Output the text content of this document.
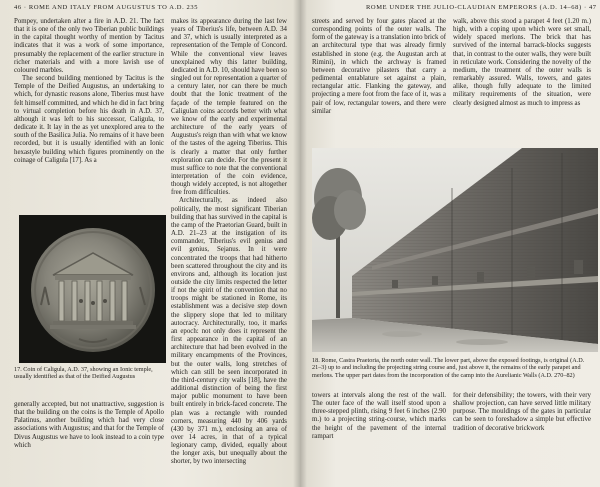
46 · ROME AND ITALY FROM AUGUSTUS TO A.D. 235

Pompey, undertaken after a fire in A.D. 21. The fact that it is one of the only two Tiberian public buildings in the capital thought worthy of mention by Tacitus indicates that it was a work of some importance, presumably the replacement of the earlier structure in richer materials and with a more lavish use of coloured marbles.

The second building mentioned by Tacitus is the Temple of the Deified Augustus, an undertaking to which, for dynastic reasons alone, Tiberius must have felt himself committed, and which he did in fact bring to virtual completion before his death in A.D. 37, although it was left to his successor, Caligula, to dedicate it. It lay in the as yet unexplored area to the south of the Basilica Julia. No remains of it have been recorded, but it is usually identified with an Ionic hexastyle building which figures prominently on the coinage of Caligula [17]. As a

17. Coin of Caligula, A.D. 37, showing an Ionic temple, usually identified as that of the Deified Augustus
generally accepted, but not unattractive, suggestion is that the building on the coins is the Temple of Apollo Palatinus, another building which had very close associations with Augustus; and that for the Temple of Divus Augustus we have to look instead to a coin type which

makes its appearance during the last few years of Tiberius's life, between A.D. 34 and 37, which is usually interpreted as a representation of the Temple of Concord. While the conventional view leaves unexplained why this latter building, dedicated in A.D. 10, should have been so singled out for representation a quarter of a century later, nor can there be much doubt that the Ionic treatment of the façade of the temple featured on the Caligulan coins accords better with what we know of the early and experimental architecture of the early years of Augustus's reign than with what we know of the tastes of the ageing Tiberius. This is clearly a matter that only further exploration can decide. For the present it must suffice to note that the conventional interpretation of the coin evidence, though widely accepted, is not altogether free from difficulties.

Architecturally, as indeed also politically, the most significant Tiberian building that has survived in the capital is the camp of the Praetorian Guard, built in A.D. 21–23 at the instigation of its commander, Tiberius's evil genius and evil genius, Sejanus. In it were concentrated the troops that had hitherto been scattered throughout the city and its environs and, although its location just outside the city limits respected the letter if not the spirit of the convention that no troops might be stationed in Rome, its establishment was a decisive step down the slippery slope that led to military autocracy. Architecturally, too, it marks an epoch: not only does it represent the first appearance in the capital of an architecture that had been evolved in the military encampments of the Provinces, but the outer walls, long stretches of which can still be seen incorporated in the third-century city walls [18], have the additional distinction of being the first major public monument to have been built entirely in brick-faced concrete. The plan was a rectangle with rounded corners, measuring 440 by 406 yards (430 by 371 m.), enclosing an area of over 14 acres, in that of a typical legionary camp, divided, equally about the longer axis, but unequally about the shorter, by two intersecting

ROME UNDER THE JULIO-CLAUDIAN EMPERORS (A.D. 14–68) · 47
streets and served by four gates placed at the corresponding points of the outer walls. The form of the gateway is a translation into brick of an architectural type that was already firmly established in stone (e.g. the Augustan arch at Rimini), in which the archway is framed between decorative pilasters that carry a pedimental entablature set against a plain, rectangular attic. Flanking the gateway, and projecting a mere foot from the face of it, was a pair of low, rectangular towers, and there were similar
walk, above this stood a parapet 4 feet (1.20 m.) high, with a coping upon which were set small, widely spaced merlons. The brick that has survived of the internal barrack-blocks suggests that, in contrast to the outer walls, they were built in reticulate work. Considering the novelty of the medium, the treatment of the outer walls is remarkably assured. Walls, towers, and gates alike, though fully adequate to the limited military requirements of the situation, were clearly designed almost as much to impress as
18. Rome, Castra Praetoria, the north outer wall. The lower part, above the exposed footings, is original (A.D. 21–3) up to and including the projecting string course and, just above it, the remains of the early parapet and merlons. The upper part dates from the incorporation of the camp into the Aurelianic Walls (A.D. 270–82)
towers at intervals along the rest of the wall. The outer face of the wall itself stood upon a three-stepped plinth, rising 9 feet 6 inches (2.90 m.) to a projecting string-course, which marks the height of the pavement of the internal rampart
for their defensibility; the towers, with their very shallow projection, can have served little military purpose. The mouldings of the gates in particular can be seen to foreshadow a simple but effective tradition of decorative brickwork
